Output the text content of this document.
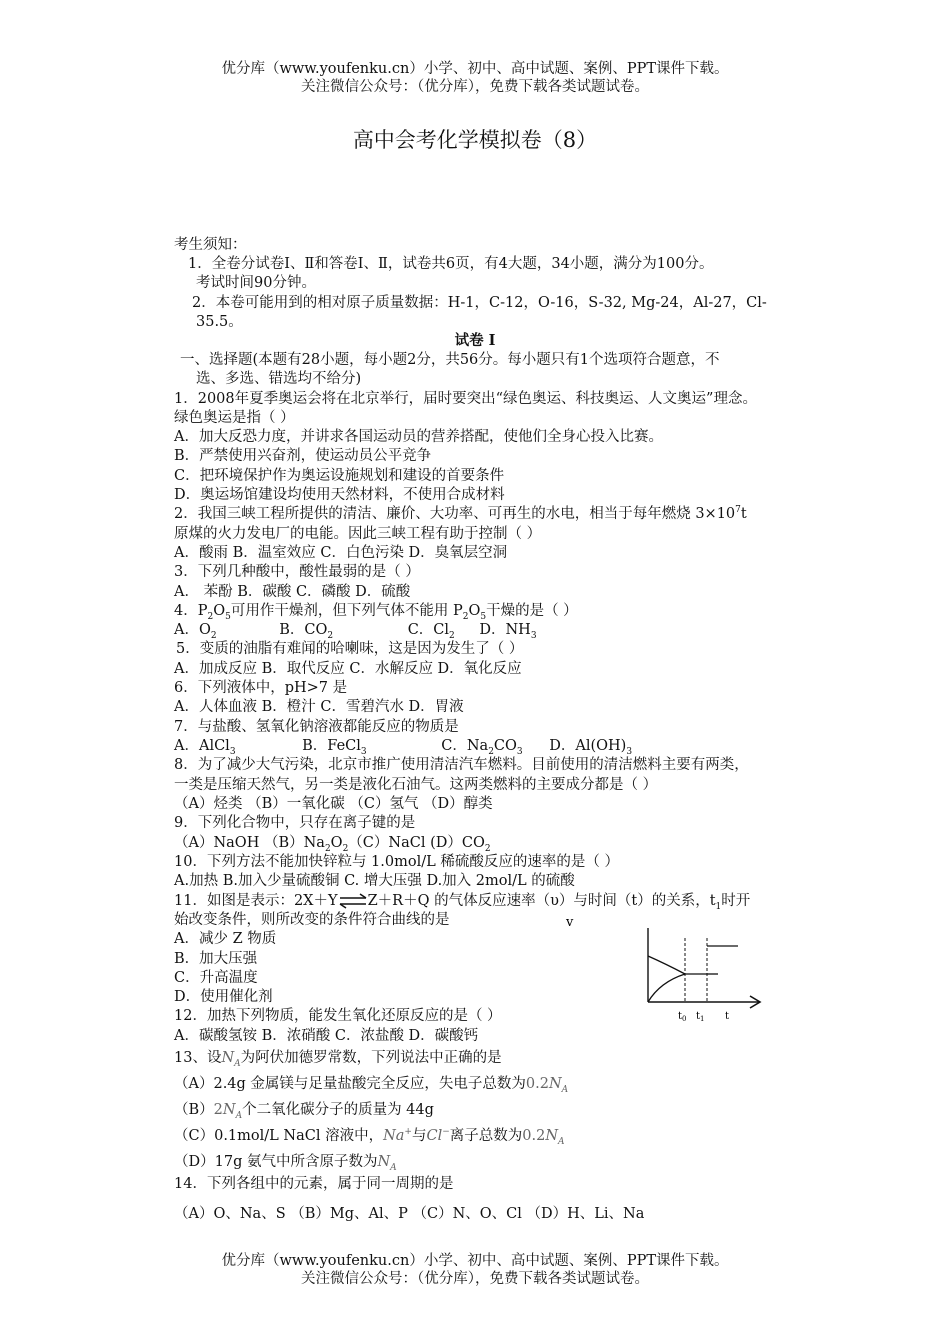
优分库（www.youfenku.cn）小学、初中、高中试题、案例、PPT课件下载。
关注微信公众号：（优分库），免费下载各类试题试卷。
高中会考化学模拟卷（8）
考生须知：
1．全卷分试卷Ⅰ、Ⅱ和答卷Ⅰ、Ⅱ，试卷共6页，有4大题，34小题，满分为100分。
考试时间90分钟。
2．本卷可能用到的相对原子质量数据：H-1，C-12，O-16，S-32, Mg-24，Al-27，Cl-
35.5。
试卷 Ⅰ
一、选择题(本题有28小题，每小题2分，共56分。每小题只有1个选项符合题意，不
选、多选、错选均不给分)
1．2008年夏季奥运会将在北京举行，届时要突出“绿色奥运、科技奥运、人文奥运”理念。
绿色奥运是指（ ）
A．加大反恐力度，并讲求各国运动员的营养搭配，使他们全身心投入比赛。
B．严禁使用兴奋剂，使运动员公平竞争
C．把环境保护作为奥运设施规划和建设的首要条件
D．奥运场馆建设均使用天然材料，不使用合成材料
2．我国三峡工程所提供的清洁、廉价、大功率、可再生的水电，相当于每年燃烧 $3\times 10^7t$
原煤的火力发电厂的电能。因此三峡工程有助于控制（ ）
A．酸雨 B．温室效应 C．白色污染 D．臭氧层空洞
3．下列几种酸中，酸性最弱的是（ ）
A． 苯酚 B．碳酸 C．磷酸 D．硫酸
4．$P_2O_5$可用作干燥剂，但下列气体不能用 $P_2O_5$干燥的是（ ）
A．$O_2$	B．$CO_2$	C．$Cl_2$ D．$NH_3$
5．变质的油脂有难闻的哈喇味，这是因为发生了（ ）
A．加成反应 B．取代反应 C．水解反应 D．氧化反应
6．下列液体中，pH>7 是
A．人体血液 B．橙汁 C．雪碧汽水 D．胃液
7．与盐酸、氢氧化钠溶液都能反应的物质是
A．AlCl$_3$	B．FeCl$_3$	C．$Na_2CO_3$ D．$Al(OH)_3$
8．为了减少大气污染，北京市推广使用清洁汽车燃料。目前使用的清洁燃料主要有两类，
一类是压缩天然气，另一类是液化石油气。这两类燃料的主要成分都是（ ）
（A）烃类 （B）一氧化碳 （C）氢气 （D）醇类
9．下列化合物中，只存在离子键的是
（A）NaOH $(B)Na_2O_2(C)NaCl$ $(D)CO_2$
10．下列方法不能加快锌粒与 1.0mol/L 稀硫酸反应的速率的是（ ）
A.加热 B.加入少量硫酸铜 C. 增大压强 D.加入 2mol/L 的硫酸
11．如图是表示：2X＋Y⇌Z＋R＋Q 的气体反应速率（υ）与时间（t）的关系，$t_1$时开
始改变条件，则所改变的条件符合曲线的是
A．减少 Z 物质
B．加大压强
C．升高温度
D．使用催化剂
v
$t_0$ $t_1$ t
12．加热下列物质，能发生氧化还原反应的是（ ）
A．碳酸氢铵 B．浓硝酸 C．浓盐酸 D．碳酸钙
13、设$N_A$为阿伏加德罗常数，下列说法中正确的是
（A）2.4g 金属镁与足量盐酸完全反应，失电子总数为$0.2N_A$
$(B)2N_A$个二氧化碳分子的质量为 44g
（C）0.1mol/L NaCl 溶液中，Na+与Cl−离子总数为$0.2N_A$
（D）17g 氨气中所含原子数为$N_A$
14．下列各组中的元素，属于同一周期的是
（A）O、Na、S （B）Mg、Al、P （C）N、O、Cl （D）H、Li、Na
优分库（www.youfenku.cn）小学、初中、高中试题、案例、PPT课件下载。
关注微信公众号：（优分库），免费下载各类试题试卷。
